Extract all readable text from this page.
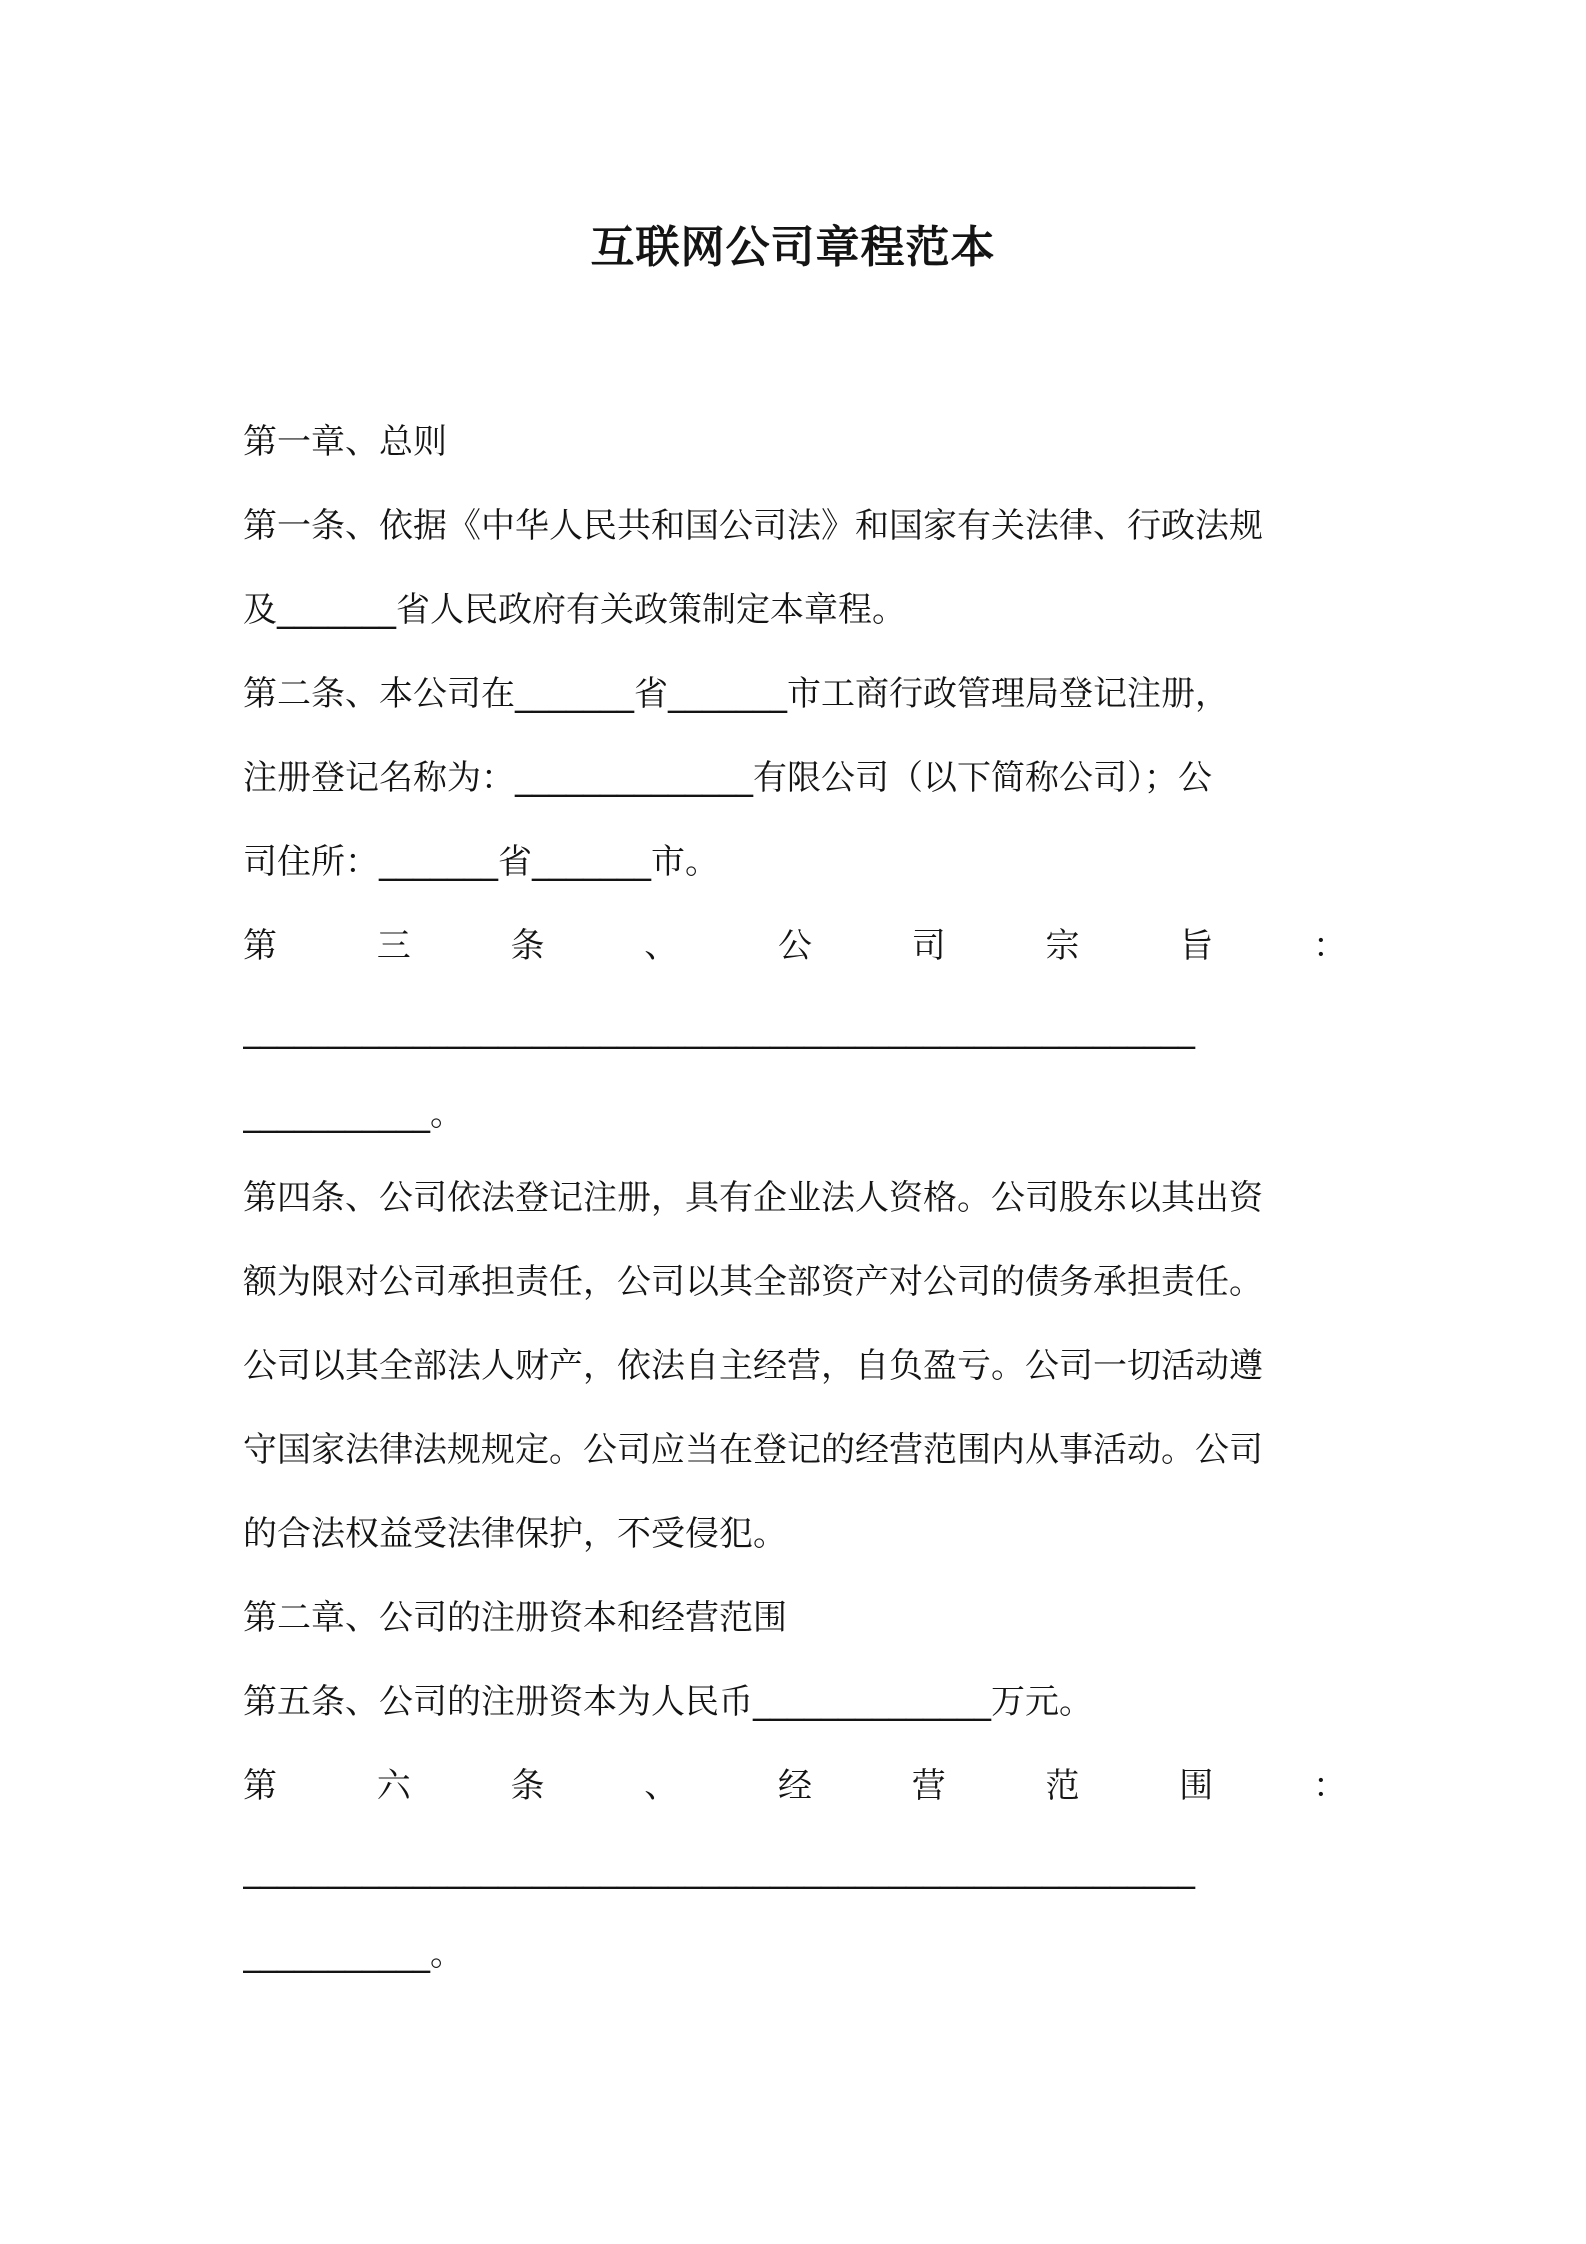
互联网公司章程范本
第一章、总则
第一条、依据《中华人民共和国公司法》和国家有关法律、行政法规
及_______省人民政府有关政策制定本章程。
第二条、本公司在_______省_______市工商行政管理局登记注册，
注册登记名称为：______________有限公司（以下简称公司）；公
司住所：_______省_______市。
第	三	条	、	公	司	宗	旨	：
________________________________________________________
___________。
第四条、公司依法登记注册，具有企业法人资格。公司股东以其出资
额为限对公司承担责任，公司以其全部资产对公司的债务承担责任。
公司以其全部法人财产，依法自主经营，自负盈亏。公司一切活动遵
守国家法律法规规定。公司应当在登记的经营范围内从事活动。公司
的合法权益受法律保护，不受侵犯。
第二章、公司的注册资本和经营范围
第五条、公司的注册资本为人民币______________万元。
第	六	条	、	经	营	范	围	：
________________________________________________________
___________。
